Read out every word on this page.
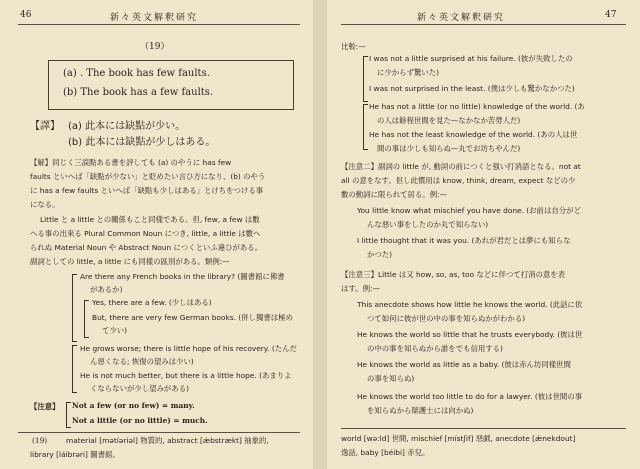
46	新々英文解釈研究
（19）
(a) . The book has few faults.
(b) The book has a few faults.
【譯】 (a) 此本には缺點が少い。
(b) 此本には缺點が少しはある。
【解】同じく三誤點ある書を評しても (a) のやうに has few
faults といへば「缺點が少ない」と貶めたい言ひ方になり、(b) のやう
に has a few faults といへば「缺點も少しはある」とけちをつける事
になる。
Little と a little との關係もこと同樣である。但, few, a few は數
へる事の出來る Plural Common Noun につき, little, a little は數へ
られぬ Material Noun や Abstract Noun につくといふ違ひがある。
副詞としての little, a little にも同樣の區別がある。類例:—
Are there any French books in the library? (圖書館に佛書
があるか)
Yes, there are a few. (少しはある)
But, there are very few German books. (併し獨書は極め
て少い)
He grows worse; there is little hope of his recovery. (たんだ
ん惡くなる; 恢復の望みは少い)
He is not much better, but there is a little hope. (あまりよ
くならないが少し望みがある)
【注意】 Not a few (or no few) = many.
Not a little (or no little) = much.
(19)	material [mətíəriəl] 物質的, abstract [ǽbstrækt] 抽象的,
library [láibrəri] 圖書館。
新々英文解釈研究	47
比較:—
I was not a little surprised at his failure. (彼が失敗したの
に少からず驚いた)
I was not surprised in the least. (僕は少しも驚かなかつた)
He has not a little (or no little) knowledge of the world. (あ
の人は餘程世間を見た—なかなか苦勞人だ)
He has not the least knowledge of the world. (あの人は世
間の事は少しも知らぬ—丸でお坊ちやんだ)
【注意二】副詞の little が, 動詞の前につくと强い打消語となる。not at
all の意をなす。但し此慣用は know, think, dream, expect などの少
數の動詞に限られて居る。例:—
You little know what mischief you have done. (お前は自分がど
んな惡い事をしたのか丸で知らない)
I little thought that it was you. (あれが君だとは夢にも知らな
かつた)
【注意三】Little は又 how, so, as, too などに伴つて打消の意を表
はす。例:—
This anecdote shows how little he knows the world. (此話に依
つて如何に彼が世の中の事を知らぬかがわかる)
He knows the world so little that he trusts everybody. (彼は世
の中の事を知らぬから誰をでも信用する)
He knows the world as little as a baby. (彼は赤ん坊同樣世間
の事を知らぬ)
He knows the world too little to do for a lawyer. (彼は世間の事
を知らぬから辯護士には向かぬ)
world [wə:ld] 世間, mischief [místʃif] 惡戯, anecdote [ǽnekdout]
逸話, baby [béibi] 赤兒。
